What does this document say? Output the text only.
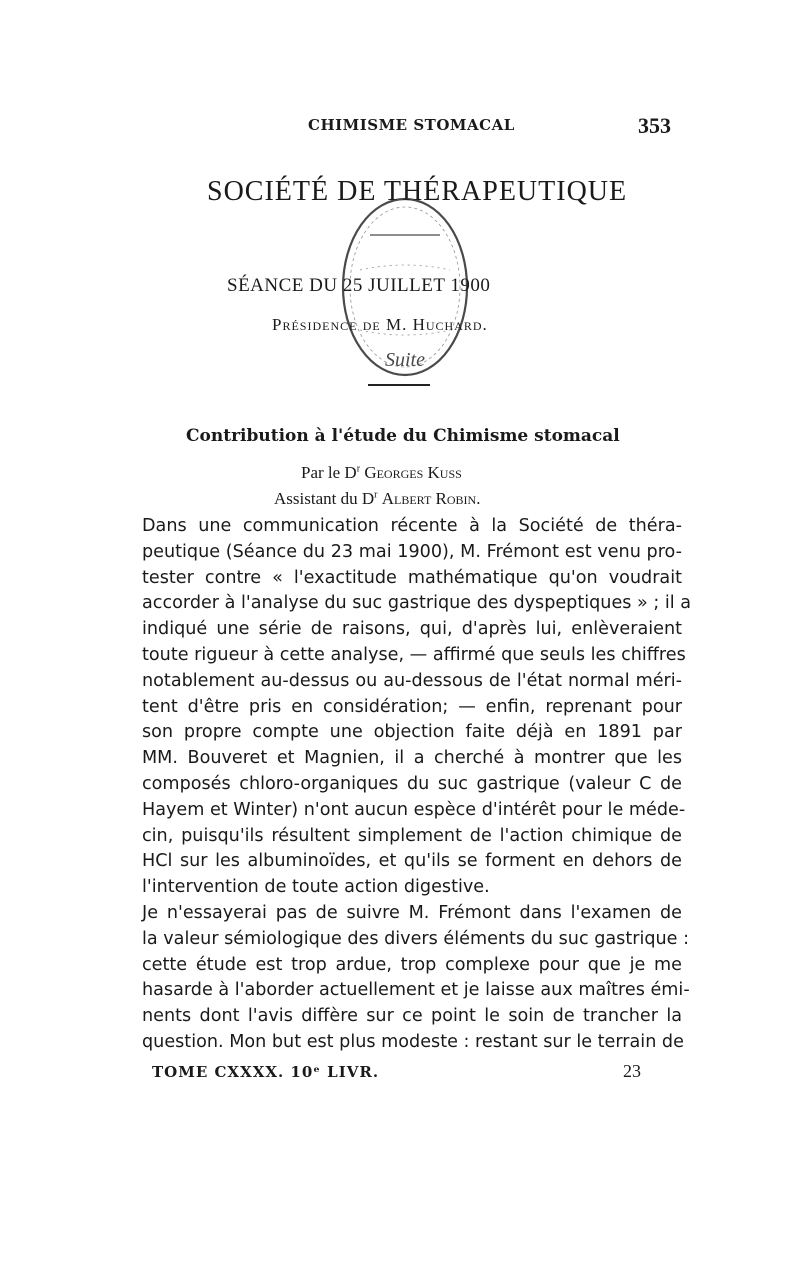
CHIMISME STOMACAL	353
SOCIÉTÉ DE THÉRAPEUTIQUE
Suite
SÉANCE DU 25 JUILLET 1900
Présidence de M. Huchard.
Contribution à l'étude du Chimisme stomacal
Par le $D^r$ Georges Kuss
Assistant du $D^r$ Albert Robin.

Dans une communication récente à la Société de théra-
peutique (Séance du 23 mai 1900), M. Frémont est venu pro-
tester contre « l'exactitude mathématique qu'on voudrait
accorder à l'analyse du suc gastrique des dyspeptiques » ; il a
indiqué une série de raisons, qui, d'après lui, enlèveraient
toute rigueur à cette analyse, — affirmé que seuls les chiffres
notablement au-dessus ou au-dessous de l'état normal méri-
tent d'être pris en considération; — enfin, reprenant pour
son propre compte une objection faite déjà en 1891 par
MM. Bouveret et Magnien, il a cherché à montrer que les
composés chloro-organiques du suc gastrique (valeur C de
Hayem et Winter) n'ont aucun espèce d'intérêt pour le méde-
cin, puisqu'ils résultent simplement de l'action chimique de
HCl sur les albuminoïdes, et qu'ils se forment en dehors de
l'intervention de toute action digestive.

Je n'essayerai pas de suivre M. Frémont dans l'examen de
la valeur sémiologique des divers éléments du suc gastrique :
cette étude est trop ardue, trop complexe pour que je me
hasarde à l'aborder actuellement et je laisse aux maîtres émi-
nents dont l'avis diffère sur ce point le soin de trancher la
question. Mon but est plus modeste : restant sur le terrain de

TOME CXXXX. 10ᵉ LIVR.	23
